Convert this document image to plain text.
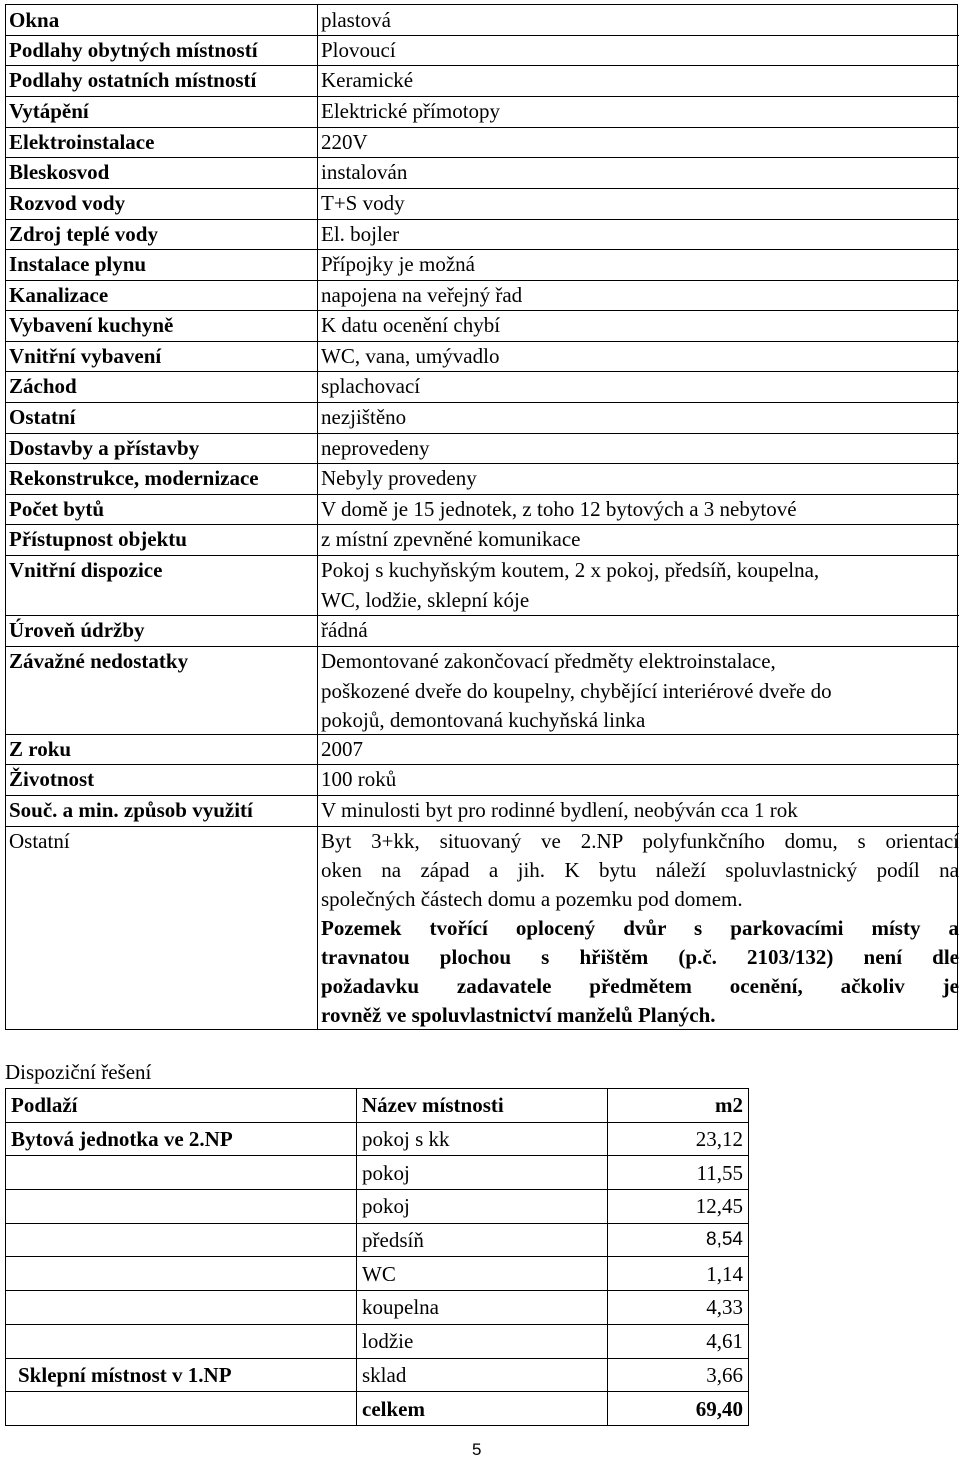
Okna	plastová
Podlahy obytných místností	Plovoucí
Podlahy ostatních místností	Keramické
Vytápění	Elektrické přímotopy
Elektroinstalace	220V
Bleskosvod	instalován
Rozvod vody	T+S vody
Zdroj teplé vody	El. bojler
Instalace plynu	Přípojky je možná
Kanalizace	napojena na veřejný řad
Vybavení kuchyně	K datu ocenění chybí
Vnitřní vybavení	WC, vana, umývadlo
Záchod	splachovací
Ostatní	nezjištěno
Dostavby a přístavby	neprovedeny
Rekonstrukce, modernizace	Nebyly provedeny
Počet bytů	V domě je 15 jednotek, z toho 12 bytových a 3 nebytové
Přístupnost objektu	z místní zpevněné komunikace
Vnitřní dispozice	Pokoj s kuchyňským koutem, 2 x pokoj, předsíň, koupelna,
WC, lodžie, sklepní kóje
Úroveň údržby	řádná
Závažné nedostatky	Demontované zakončovací předměty elektroinstalace,
poškozené dveře do koupelny, chybějící interiérové dveře do
pokojů, demontovaná kuchyňská linka
Z roku	2007
Životnost	100 roků
Souč. a min. způsob využití	V minulosti byt pro rodinné bydlení, neobýván cca 1 rok
Ostatní	Byt 3+kk, situovaný ve 2.NP polyfunkčního domu, s orientací
oken na západ a jih. K bytu náleží spoluvlastnický podíl na
společných částech domu a pozemku pod domem.
Pozemek tvořící oplocený dvůr s parkovacími místy a
travnatou plochou s hřištěm (p.č. 2103/132) není dle
požadavku zadavatele předmětem ocenění, ačkoliv je
rovněž ve spoluvlastnictví manželů Planých.
Dispoziční řešení
Podlaží	Název místnosti	m2
Bytová jednotka ve 2.NP	pokoj s kk	23,12
	pokoj	11,55
	pokoj	12,45
	předsíň	8,54
	WC	1,14
	koupelna	4,33
	lodžie	4,61
Sklepní místnost v 1.NP	sklad	3,66
	celkem	69,40
5
